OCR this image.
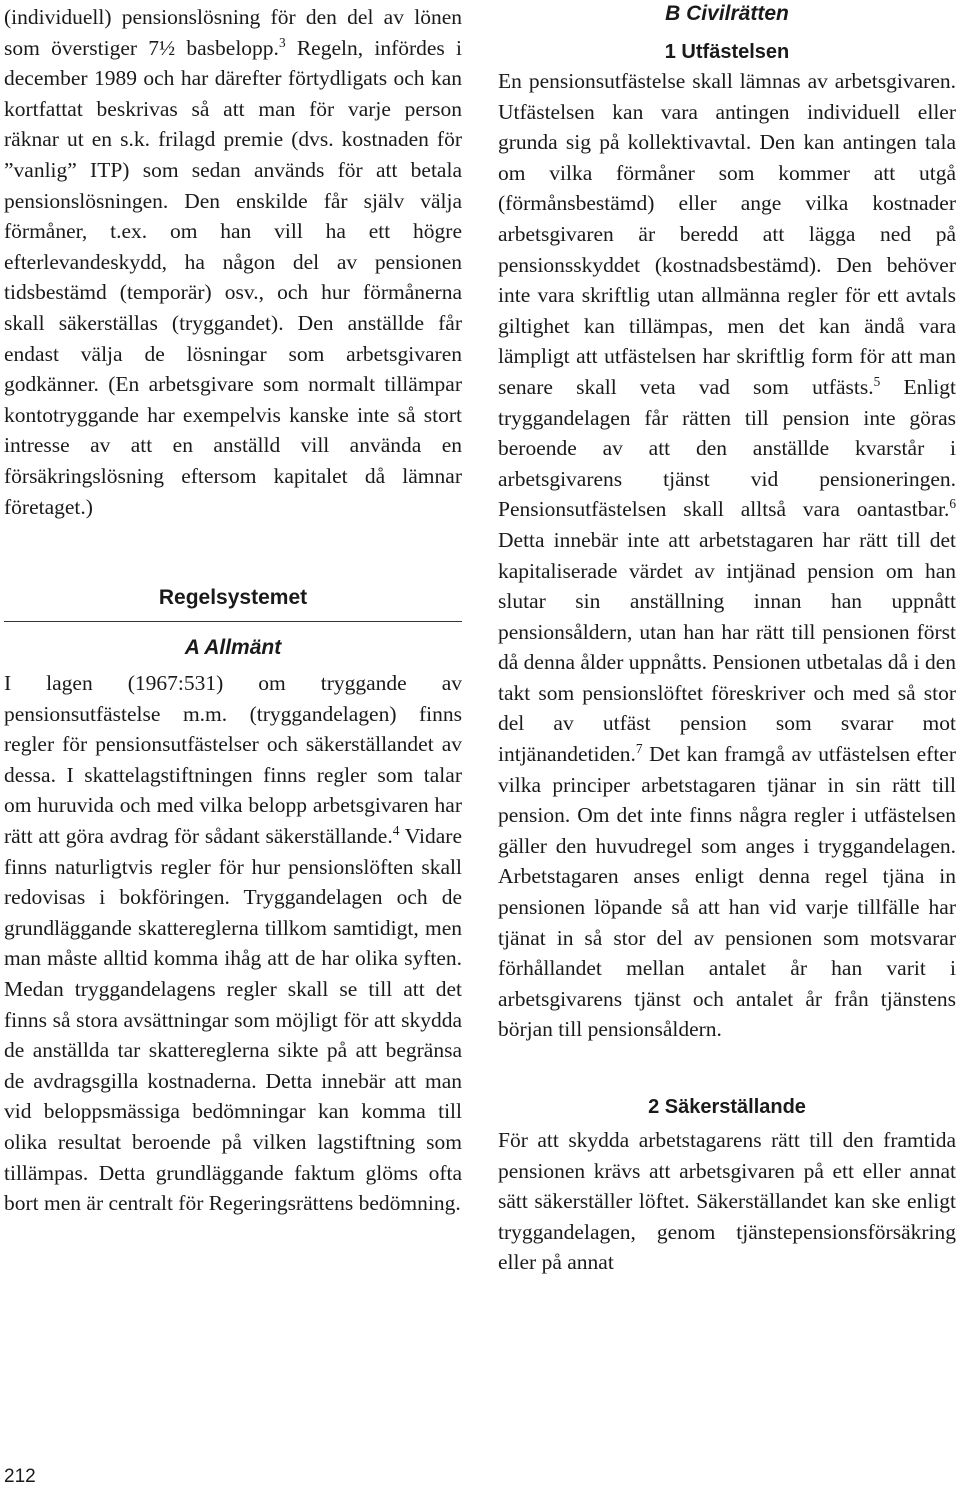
(individuell) pensionslösning för den del av lönen som överstiger 7½ basbelopp.$^3$ Regeln, infördes i december 1989 och har därefter förtydligats och kan kortfattat beskrivas så att man för varje person räknar ut en s.k. frilagd premie (dvs. kostnaden för ”vanlig” ITP) som sedan används för att betala pensionslösningen. Den enskilde får själv välja förmåner, t.ex. om han vill ha ett högre efterlevandeskydd, ha någon del av pensionen tidsbestämd (temporär) osv., och hur förmånerna skall säkerställas (tryggandet). Den anställde får endast välja de lösningar som arbetsgivaren godkänner. (En arbetsgivare som normalt tillämpar kontotryggande har exempelvis kanske inte så stort intresse av att en anställd vill använda en försäkringslösning eftersom kapitalet då lämnar företaget.)

Regelsystemet
A Allmänt

I lagen (1967:531) om tryggande av pensionsutfästelse m.m. (tryggandelagen) finns regler för pensionsutfästelser och säkerställandet av dessa. I skattelagstiftningen finns regler som talar om huruvida och med vilka belopp arbetsgivaren har rätt att göra avdrag för sådant säkerställande.$^4$ Vidare finns naturligtvis regler för hur pensionslöften skall redovisas i bokföringen. Tryggandelagen och de grundläggande skattereglerna tillkom samtidigt, men man måste alltid komma ihåg att de har olika syften. Medan tryggandelagens regler skall se till att det finns så stora avsättningar som möjligt för att skydda de anställda tar skattereglerna sikte på att begränsa de avdragsgilla kostnaderna. Detta innebär att man vid beloppsmässiga bedömningar kan komma till olika resultat beroende på vilken lagstiftning som tillämpas. Detta grundläggande faktum glöms ofta bort men är centralt för Regeringsrättens bedömning.

B Civilrätten
1 Utfästelsen

En pensionsutfästelse skall lämnas av arbetsgivaren. Utfästelsen kan vara antingen individuell eller grunda sig på kollektivavtal. Den kan antingen tala om vilka förmåner som kommer att utgå (förmånsbestämd) eller ange vilka kostnader arbetsgivaren är beredd att lägga ned på pensionsskyddet (kostnadsbestämd). Den behöver inte vara skriftlig utan allmänna regler för ett avtals giltighet kan tillämpas, men det kan ändå vara lämpligt att utfästelsen har skriftlig form för att man senare skall veta vad som utfästs.$^5$ Enligt tryggandelagen får rätten till pension inte göras beroende av att den anställde kvarstår i arbetsgivarens tjänst vid pensioneringen. Pensionsutfästelsen skall alltså vara oantastbar.$^6$ Detta innebär inte att arbetstagaren har rätt till det kapitaliserade värdet av intjänad pension om han slutar sin anställning innan han uppnått pensionsåldern, utan han har rätt till pensionen först då denna ålder uppnåtts. Pensionen utbetalas då i den takt som pensionslöftet föreskriver och med så stor del av utfäst pension som svarar mot intjänandetiden.$^7$ Det kan framgå av utfästelsen efter vilka principer arbetstagaren tjänar in sin rätt till pension. Om det inte finns några regler i utfästelsen gäller den huvudregel som anges i tryggandelagen. Arbetstagaren anses enligt denna regel tjäna in pensionen löpande så att han vid varje tillfälle har tjänat in så stor del av pensionen som motsvarar förhållandet mellan antalet år han varit i arbetsgivarens tjänst och antalet år från tjänstens början till pensionsåldern.

2 Säkerställande

För att skydda arbetstagarens rätt till den framtida pensionen krävs att arbetsgivaren på ett eller annat sätt säkerställer löftet. Säkerställandet kan ske enligt tryggandelagen, genom tjänstepensionsförsäkring eller på annat

212
